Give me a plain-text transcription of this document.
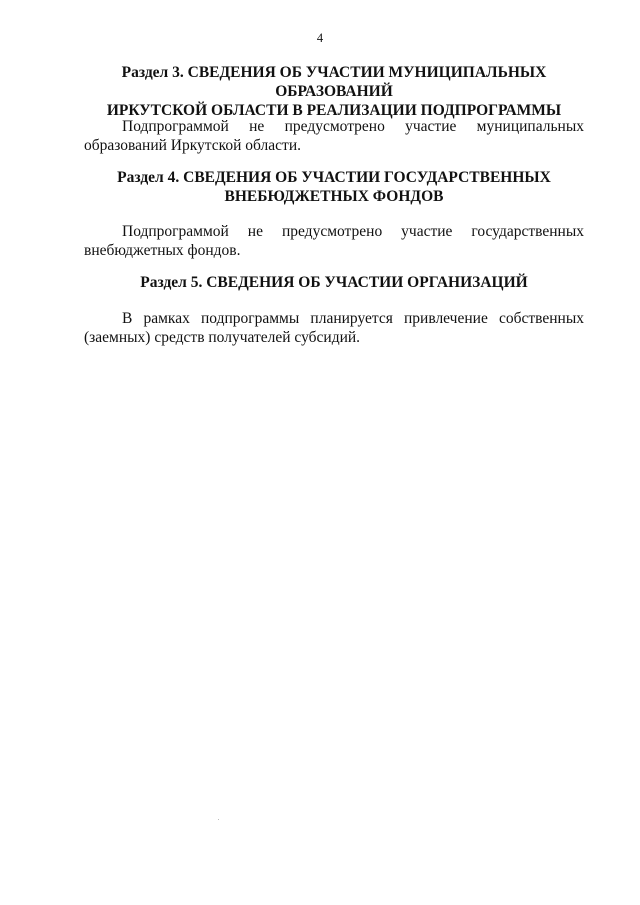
4
Раздел 3. СВЕДЕНИЯ ОБ УЧАСТИИ МУНИЦИПАЛЬНЫХ ОБРАЗОВАНИЙ
ИРКУТСКОЙ ОБЛАСТИ В РЕАЛИЗАЦИИ ПОДПРОГРАММЫ

Подпрограммой не предусмотрено участие муниципальных
образований Иркутской области.

Раздел 4. СВЕДЕНИЯ ОБ УЧАСТИИ ГОСУДАРСТВЕННЫХ
ВНЕБЮДЖЕТНЫХ ФОНДОВ

Подпрограммой не предусмотрено участие государственных
внебюджетных фондов.

Раздел 5. СВЕДЕНИЯ ОБ УЧАСТИИ ОРГАНИЗАЦИЙ

В рамках подпрограммы планируется привлечение собственных
(заемных) средств получателей субсидий.
